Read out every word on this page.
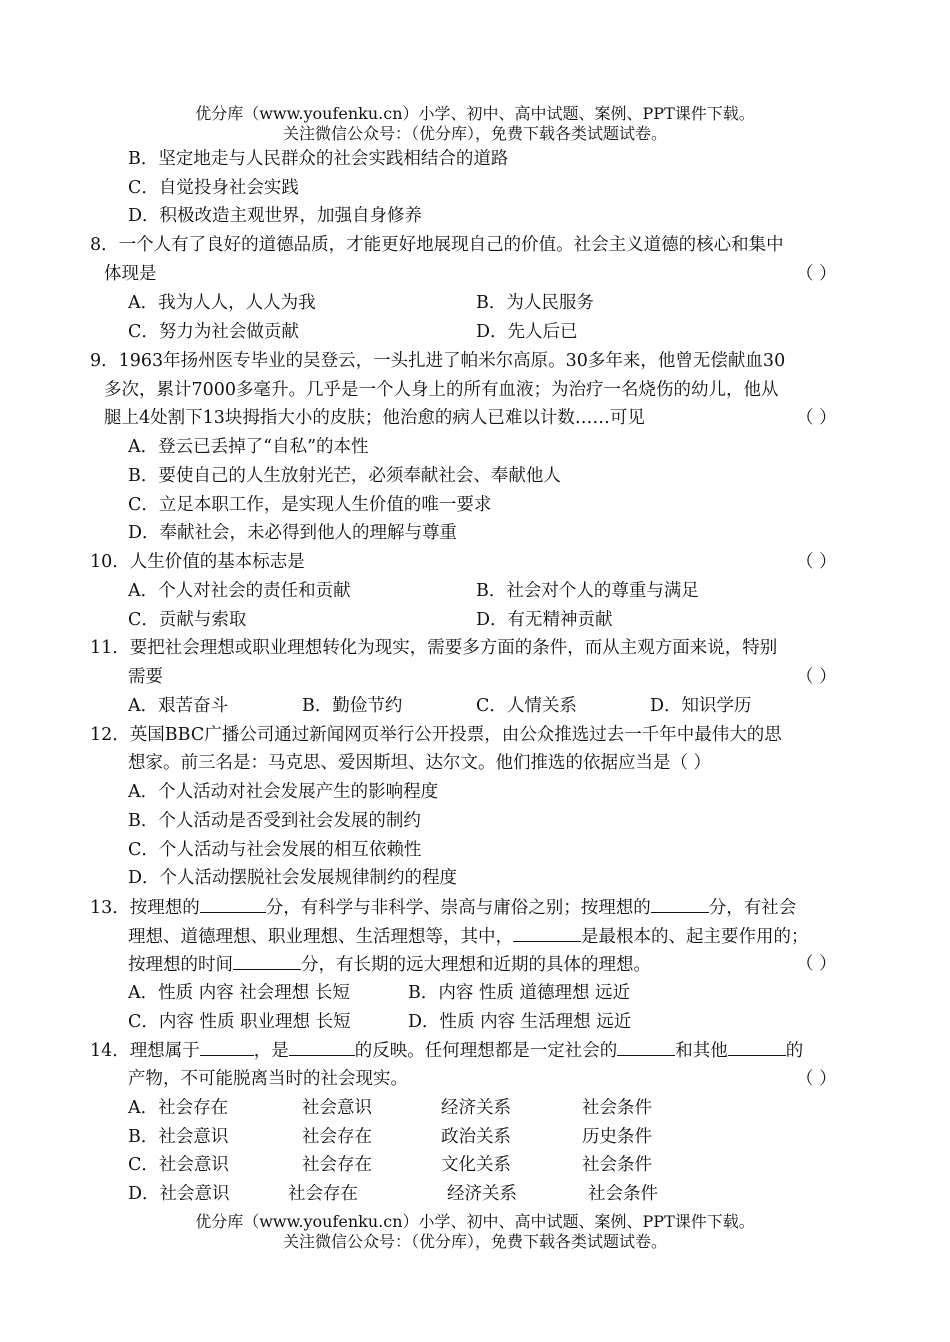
优分库（www.youfenku.cn）小学、初中、高中试题、案例、PPT课件下载。
关注微信公众号：（优分库），免费下载各类试题试卷。
B．坚定地走与人民群众的社会实践相结合的道路
C．自觉投身社会实践
D．积极改造主观世界，加强自身修养
8．一个人有了良好的道德品质，才能更好地展现自己的价值。社会主义道德的核心和集中
体现是	（ ）
A．我为人人，人人为我	B．为人民服务
C．努力为社会做贡献	D．先人后已
9．1963年扬州医专毕业的吴登云，一头扎进了帕米尔高原。30多年来，他曾无偿献血30
多次，累计7000多毫升。几乎是一个人身上的所有血液；为治疗一名烧伤的幼儿，他从
腿上4处割下13块拇指大小的皮肤；他治愈的病人已难以计数……可见	（ ）
A．登云已丢掉了“自私”的本性
B．要使自己的人生放射光芒，必须奉献社会、奉献他人
C．立足本职工作，是实现人生价值的唯一要求
D．奉献社会，未必得到他人的理解与尊重
10．人生价值的基本标志是	（ ）
A．个人对社会的责任和贡献	B．社会对个人的尊重与满足
C．贡献与索取	D．有无精神贡献
11．要把社会理想或职业理想转化为现实，需要多方面的条件，而从主观方面来说，特别
需要	（ ）
A．艰苦奋斗	B．勤俭节约	C．人情关系	D．知识学历
12．英国BBC广播公司通过新闻网页举行公开投票，由公众推选过去一千年中最伟大的思
想家。前三名是：马克思、爱因斯坦、达尔文。他们推选的依据应当是（ ）
A．个人活动对社会发展产生的影响程度
B．个人活动是否受到社会发展的制约
C．个人活动与社会发展的相互依赖性
D．个人活动摆脱社会发展规律制约的程度
13．按理想的	分，有科学与非科学、崇高与庸俗之别；按理想的	分，有社会
理想、道德理想、职业理想、生活理想等，其中，	是最根本的、起主要作用的；
按理想的时间	分，有长期的远大理想和近期的具体的理想。	（ ）
A．性质 内容 社会理想 长短	B．内容 性质 道德理想 远近
C．内容 性质 职业理想 长短	D．性质 内容 生活理想 远近
14．理想属于	，是	的反映。任何理想都是一定社会的	和其他	的
产物，不可能脱离当时的社会现实。	（ ）
A．社会存在	社会意识	经济关系	社会条件
B．社会意识	社会存在	政治关系	历史条件
C．社会意识	社会存在	文化关系	社会条件
D．社会意识	社会存在	经济关系	社会条件
优分库（www.youfenku.cn）小学、初中、高中试题、案例、PPT课件下载。
关注微信公众号：（优分库），免费下载各类试题试卷。
